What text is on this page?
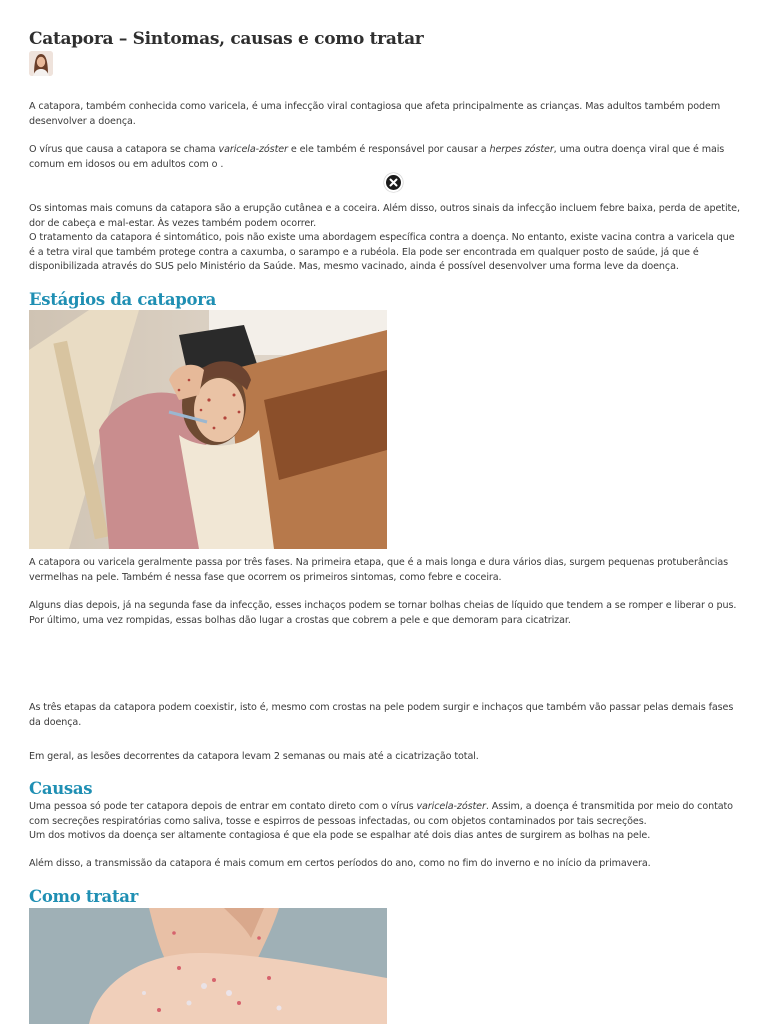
Catapora – Sintomas, causas e como tratar

A catapora, também conhecida como varicela, é uma infecção viral contagiosa que afeta principalmente as crianças. Mas adultos também podem desenvolver a doença.

O vírus que causa a catapora se chama varicela-zóster e ele também é responsável por causar a herpes zóster, uma outra doença viral que é mais comum em idosos ou em adultos com o .

Os sintomas mais comuns da catapora são a erupção cutânea e a coceira. Além disso, outros sinais da infecção incluem febre baixa, perda de apetite, dor de cabeça e mal-estar. Às vezes também podem ocorrer.

O tratamento da catapora é sintomático, pois não existe uma abordagem específica contra a doença. No entanto, existe vacina contra a varicela que é a tetra viral que também protege contra a caxumba, o sarampo e a rubéola. Ela pode ser encontrada em qualquer posto de saúde, já que é disponibilizada através do SUS pelo Ministério da Saúde. Mas, mesmo vacinado, ainda é possível desenvolver uma forma leve da doença.

Estágios da catapora

A catapora ou varicela geralmente passa por três fases. Na primeira etapa, que é a mais longa e dura vários dias, surgem pequenas protuberâncias vermelhas na pele. Também é nessa fase que ocorrem os primeiros sintomas, como febre e coceira.

Alguns dias depois, já na segunda fase da infecção, esses inchaços podem se tornar bolhas cheias de líquido que tendem a se romper e liberar o pus. Por último, uma vez rompidas, essas bolhas dão lugar a crostas que cobrem a pele e que demoram para cicatrizar.

As três etapas da catapora podem coexistir, isto é, mesmo com crostas na pele podem surgir e inchaços que também vão passar pelas demais fases da doença.

Em geral, as lesões decorrentes da catapora levam 2 semanas ou mais até a cicatrização total.

Causas

Uma pessoa só pode ter catapora depois de entrar em contato direto com o vírus varicela-zóster. Assim, a doença é transmitida por meio do contato com secreções respiratórias como saliva, tosse e espirros de pessoas infectadas, ou com objetos contaminados por tais secreções.

Um dos motivos da doença ser altamente contagiosa é que ela pode se espalhar até dois dias antes de surgirem as bolhas na pele.

Além disso, a transmissão da catapora é mais comum em certos períodos do ano, como no fim do inverno e no início da primavera.

Como tratar
